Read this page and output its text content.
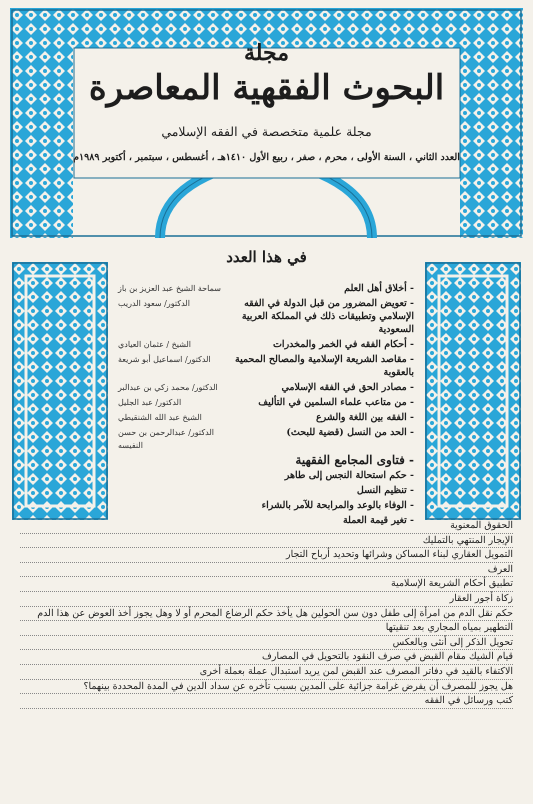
مجلة
البحوث الفقهية المعاصرة
مجلة علمية متخصصة في الفقه الإسلامي
العدد الثاني ، السنة الأولى ، محرم ، صفر ، ربيع الأول ١٤١٠هـ ، أغسطس ، سبتمبر ، أكتوبر ١٩٨٩م
في هذا العدد
- أخلاق أهل العلم
سماحة الشيخ عبد العزيز بن باز
- تعويض المضرور من قبل الدولة في الفقه الإسلامي وتطبيقات ذلك في المملكة العربية السعودية
الدكتور/ سعود الدريب
- أحكام الفقه في الخمر والمخدرات
الشيخ / عثمان العيادي
- مقاصد الشريعة الإسلامية والمصالح المحمية بالعقوبة
الدكتور/ اسماعيل أبو شريعة
- مصادر الحق في الفقه الإسلامي
الدكتور/ محمد زكي بن عبدالبر
- من متاعب علماء السلمين في التأليف
الدكتور/ عبد الجليل
- الفقه بين اللغة والشرع
الشيخ عبد الله الشنقيطي
- الحد من النسل (قضية للبحث)
الدكتور/ عبدالرحمن بن حسن النفيسه
- فتاوى المجامع الفقهية
- حكم استحالة النجس إلى طاهر
- تنظيم النسل
- الوفاء بالوعد والمرابحة للآمر بالشراء
- تغير قيمة العملة	الحقوق المعنوية
الإيجار المنتهي بالتمليك
التمويل العقاري لبناء المساكن وشرائها وتحديد أرباح التجار
العرف
تطبيق أحكام الشريعة الإسلامية
زكاة أجور العقار
حكم نقل الدم من امرأة إلى طفل دون سن الحولين هل يأخذ حكم الرضاع المحرم أو لا وهل يجوز أخذ العوض عن هذا الدم
التطهير بمياه المجاري بعد تنقيتها
تحويل الذكر إلى أنثى وبالعكس
قيام الشيك مقام القبض في صرف النقود بالتحويل في المصارف
الاكتفاء بالقيد في دفاتر المصرف عند القبض لمن يريد استبدال عملة بعملة أخرى
هل يجوز للمصرف أن يفرض غرامة جزائية على المدين بسبب تأخره عن سداد الدين في المدة المحددة بينهما؟
كتب ورسائل في الفقه
